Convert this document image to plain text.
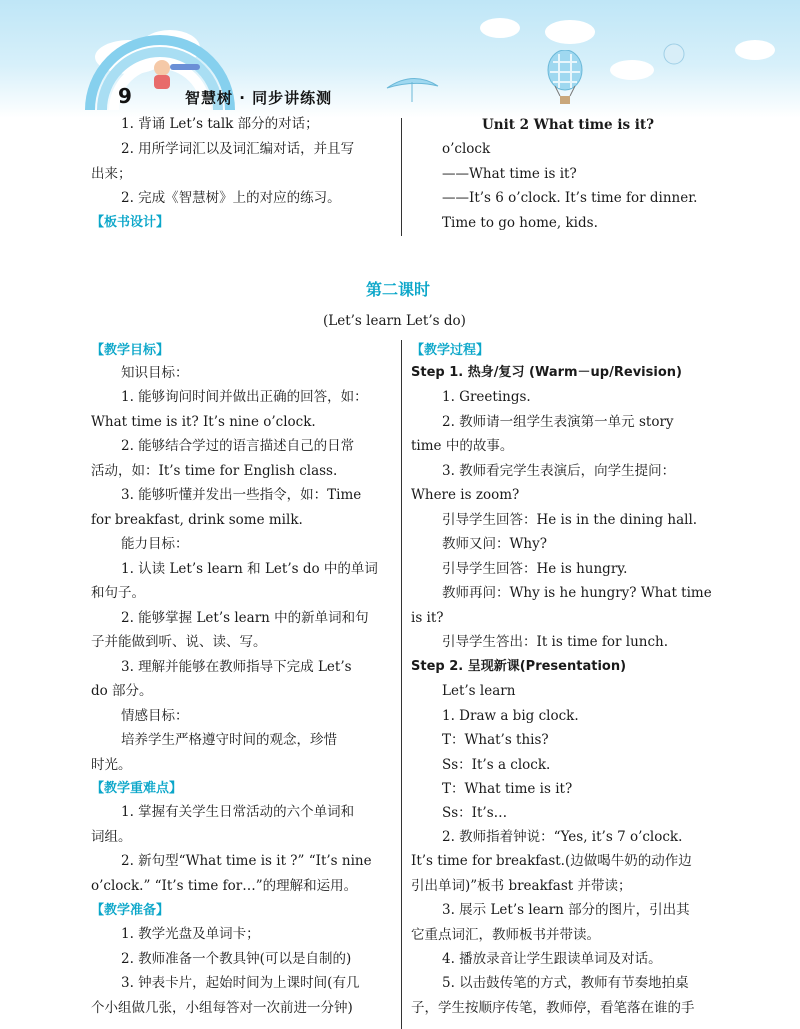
9	智慧树 · 同步讲练测
1. 背诵 Let’s talk 部分的对话；
2. 用所学词汇以及词汇编对话，并且写
出来；
2. 完成《智慧树》上的对应的练习。
【板书设计】
Unit 2 What time is it?
o’clock
——What time is it?
——It’s 6 o’clock. It’s time for dinner.
Time to go home, kids.
第二课时
(Let’s learn Let’s do)
【教学目标】
知识目标：
1. 能够询问时间并做出正确的回答，如：
What time is it? It’s nine o’clock.
2. 能够结合学过的语言描述自己的日常
活动，如：It’s time for English class.
3. 能够听懂并发出一些指令，如：Time
for breakfast, drink some milk.
能力目标：
1. 认读 Let’s learn 和 Let’s do 中的单词
和句子。
2. 能够掌握 Let’s learn 中的新单词和句
子并能做到听、说、读、写。
3. 理解并能够在教师指导下完成 Let’s
do 部分。
情感目标：
培养学生严格遵守时间的观念，珍惜
时光。
【教学重难点】
1. 掌握有关学生日常活动的六个单词和
词组。
2. 新句型“What time is it ?” “It’s nine
o’clock.” “It’s time for…”的理解和运用。
【教学准备】
1. 教学光盘及单词卡；
2. 教师准备一个教具钟(可以是自制的)
3. 钟表卡片，起始时间为上课时间(有几
个小组做几张，小组每答对一次前进一分钟)
【教学过程】
Step 1. 热身/复习 (Warm－up/Revision)
1. Greetings.
2. 教师请一组学生表演第一单元 story
time 中的故事。
3. 教师看完学生表演后，向学生提问：
Where is zoom?
引导学生回答：He is in the dining hall.
教师又问：Why?
引导学生回答：He is hungry.
教师再问：Why is he hungry? What time
is it?
引导学生答出：It is time for lunch.
Step 2. 呈现新课(Presentation)
Let’s learn
1. Draw a big clock.
T：What’s this?
Ss：It’s a clock.
T：What time is it?
Ss：It’s…
2. 教师指着钟说：“Yes, it’s 7 o’clock.
It’s time for breakfast.(边做喝牛奶的动作边
引出单词)”板书 breakfast 并带读；
3. 展示 Let’s learn 部分的图片，引出其
它重点词汇，教师板书并带读。
4. 播放录音让学生跟读单词及对话。
5. 以击鼓传笔的方式，教师有节奏地拍桌
子，学生按顺序传笔，教师停，看笔落在谁的手
